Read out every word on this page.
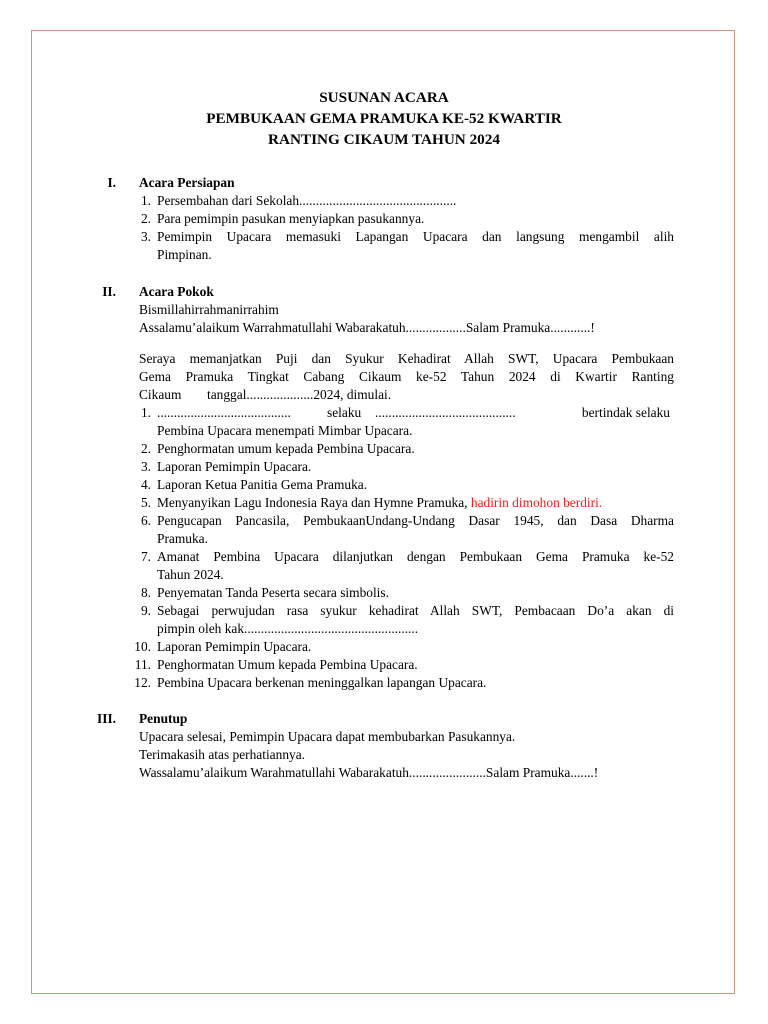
SUSUNAN ACARA
PEMBUKAAN GEMA PRAMUKA KE-52 KWARTIR
RANTING CIKAUM TAHUN 2024
I. Acara Persiapan
1. Persembahan dari Sekolah...............................................
2. Para pemimpin pasukan menyiapkan pasukannya.
3. Pemimpin Upacara memasuki Lapangan Upacara dan langsung mengambil alih
Pimpinan.
II. Acara Pokok
Bismillahirrahmanirrahim
Assalamu’alaikum Warrahmatullahi Wabarakatuh..................Salam Pramuka............!
Seraya memanjatkan Puji dan Syukur Kehadirat Allah SWT, Upacara Pembukaan
Gema Pramuka Tingkat Cabang Cikaum ke-52 Tahun 2024 di Kwartir Ranting
Cikaum tanggal....................2024, dimulai.
1. ........................................	selaku ..........................................	bertindak selaku
Pembina Upacara menempati Mimbar Upacara.
2. Penghormatan umum kepada Pembina Upacara.
3. Laporan Pemimpin Upacara.
4. Laporan Ketua Panitia Gema Pramuka.
5. Menyanyikan Lagu Indonesia Raya dan Hymne Pramuka, hadirin dimohon berdiri.
6. Pengucapan Pancasila, PembukaanUndang-Undang Dasar 1945, dan Dasa Dharma
Pramuka.
7. Amanat Pembina Upacara dilanjutkan dengan Pembukaan Gema Pramuka ke-52
Tahun 2024.
8. Penyematan Tanda Peserta secara simbolis.
9. Sebagai perwujudan rasa syukur kehadirat Allah SWT, Pembacaan Do’a akan di
pimpin oleh kak....................................................
10. Laporan Pemimpin Upacara.
11. Penghormatan Umum kepada Pembina Upacara.
12. Pembina Upacara berkenan meninggalkan lapangan Upacara.
III. Penutup
Upacara selesai, Pemimpin Upacara dapat membubarkan Pasukannya.
Terimakasih atas perhatiannya.
Wassalamu’alaikum Warahmatullahi Wabarakatuh.......................Salam Pramuka.......!
